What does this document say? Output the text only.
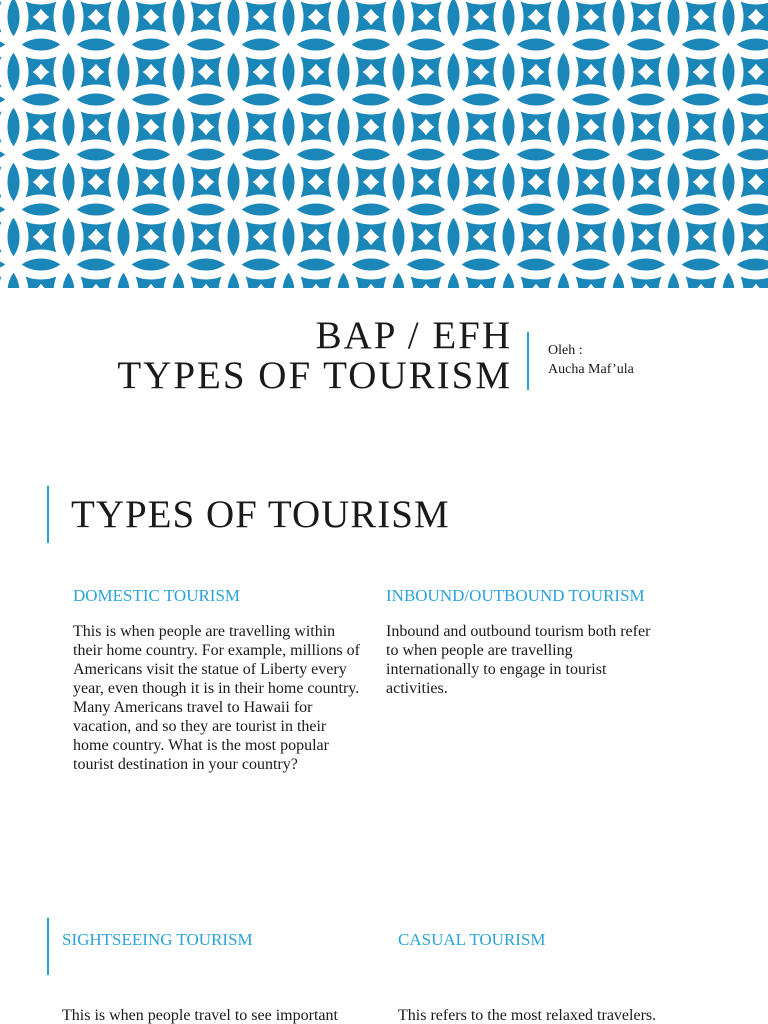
BAP / EFH
TYPES OF TOURISM
Oleh :
Aucha Maf’ula
TYPES OF TOURISM
DOMESTIC TOURISM
This is when people are travelling within their home country. For example, millions of Americans visit the statue of Liberty every year, even though it is in their home country. Many Americans travel to Hawaii for vacation, and so they are tourist in their home country. What is the most popular tourist destination in your country?
INBOUND/OUTBOUND TOURISM
Inbound and outbound tourism both refer to when people are travelling internationally to engage in tourist activities.
SIGHTSEEING TOURISM	CASUAL TOURISM
This is when people travel to see important	This refers to the most relaxed travelers.
